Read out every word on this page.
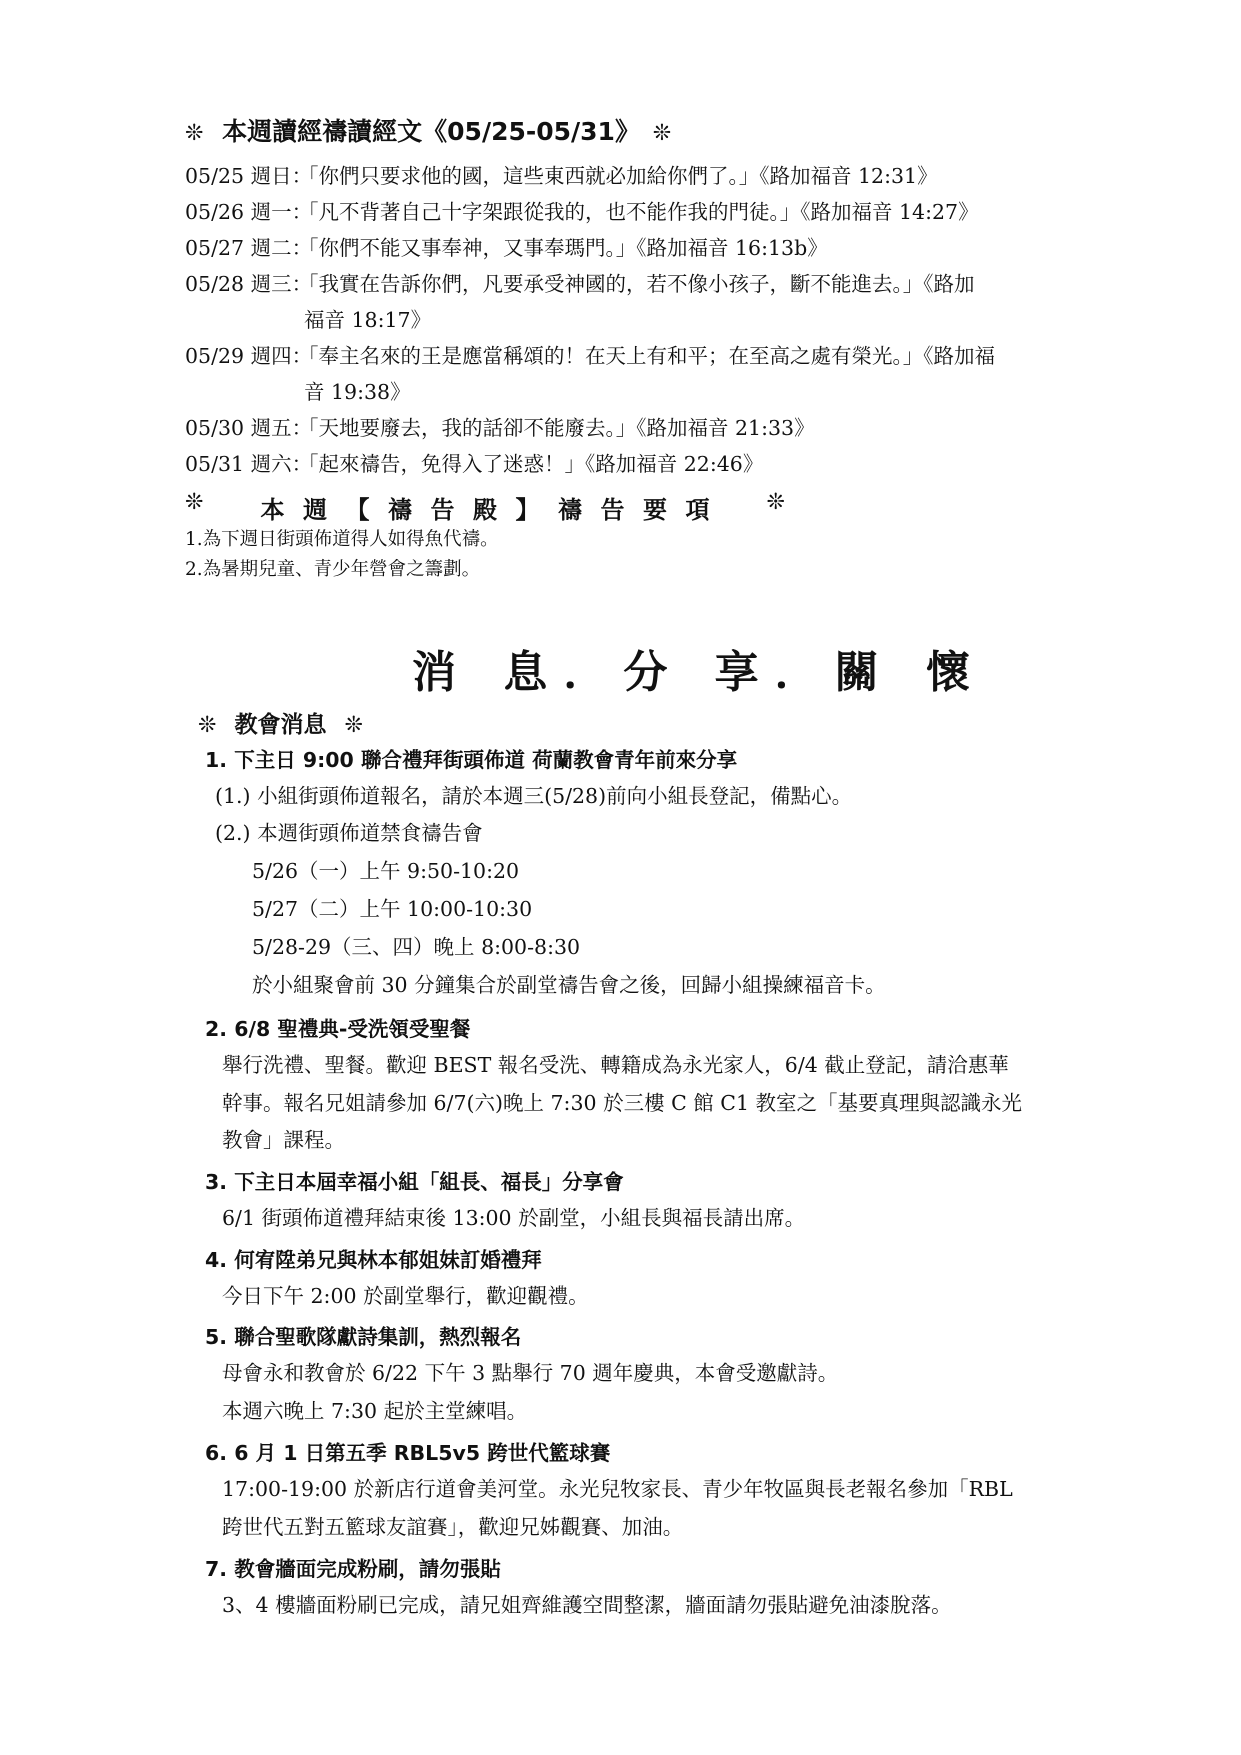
❊ 本週讀經禱讀經文《05/25-05/31》 ❊
05/25 週日：「你們只要求他的國，這些東西就必加給你們了。」《路加福音 12:31》
05/26 週一：「凡不背著自己十字架跟從我的，也不能作我的門徒。」《路加福音 14:27》
05/27 週二：「你們不能又事奉神，又事奉瑪門。」《路加福音 16:13b》
05/28 週三：「我實在告訴你們，凡要承受神國的，若不像小孩子，斷不能進去。」《路加
福音 18:17》
05/29 週四：「奉主名來的王是應當稱頌的！在天上有和平；在至高之處有榮光。」《路加福
音 19:38》
05/30 週五：「天地要廢去，我的話卻不能廢去。」《路加福音 21:33》
05/31 週六：「起來禱告，免得入了迷惑！」《路加福音 22:46》
❊ 本 週 【 禱 告 殿 】 禱 告 要 項	❊
1.為下週日街頭佈道得人如得魚代禱。
2.為暑期兒童、青少年營會之籌劃。
消 息．分 享．關 懷
❊ 教會消息 ❊
1. 下主日 9:00 聯合禮拜街頭佈道 荷蘭教會青年前來分享
(1.) 小組街頭佈道報名，請於本週三(5/28)前向小組長登記，備點心。
(2.) 本週街頭佈道禁食禱告會
5/26（一）上午 9:50-10:20
5/27（二）上午 10:00-10:30
5/28-29（三、四）晚上 8:00-8:30
於小組聚會前 30 分鐘集合於副堂禱告會之後，回歸小組操練福音卡。
2. 6/8 聖禮典-受洗領受聖餐
舉行洗禮、聖餐。歡迎 BEST 報名受洗、轉籍成為永光家人，6/4 截止登記，請洽惠華
幹事。報名兄姐請參加 6/7(六)晚上 7:30 於三樓 C 館 C1 教室之「基要真理與認識永光
教會」課程。
3. 下主日本屆幸福小組「組長、福長」分享會
6/1 街頭佈道禮拜結束後 13:00 於副堂，小組長與福長請出席。
4. 何宥陞弟兄與林本郁姐妹訂婚禮拜
今日下午 2:00 於副堂舉行，歡迎觀禮。
5. 聯合聖歌隊獻詩集訓，熱烈報名
母會永和教會於 6/22 下午 3 點舉行 70 週年慶典，本會受邀獻詩。
本週六晚上 7:30 起於主堂練唱。
6. 6 月 1 日第五季 RBL5v5 跨世代籃球賽
17:00-19:00 於新店行道會美河堂。永光兒牧家長、青少年牧區與長老報名參加「RBL
跨世代五對五籃球友誼賽」，歡迎兄姊觀賽、加油。
7. 教會牆面完成粉刷，請勿張貼
3、4 樓牆面粉刷已完成，請兄姐齊維護空間整潔，牆面請勿張貼避免油漆脫落。
